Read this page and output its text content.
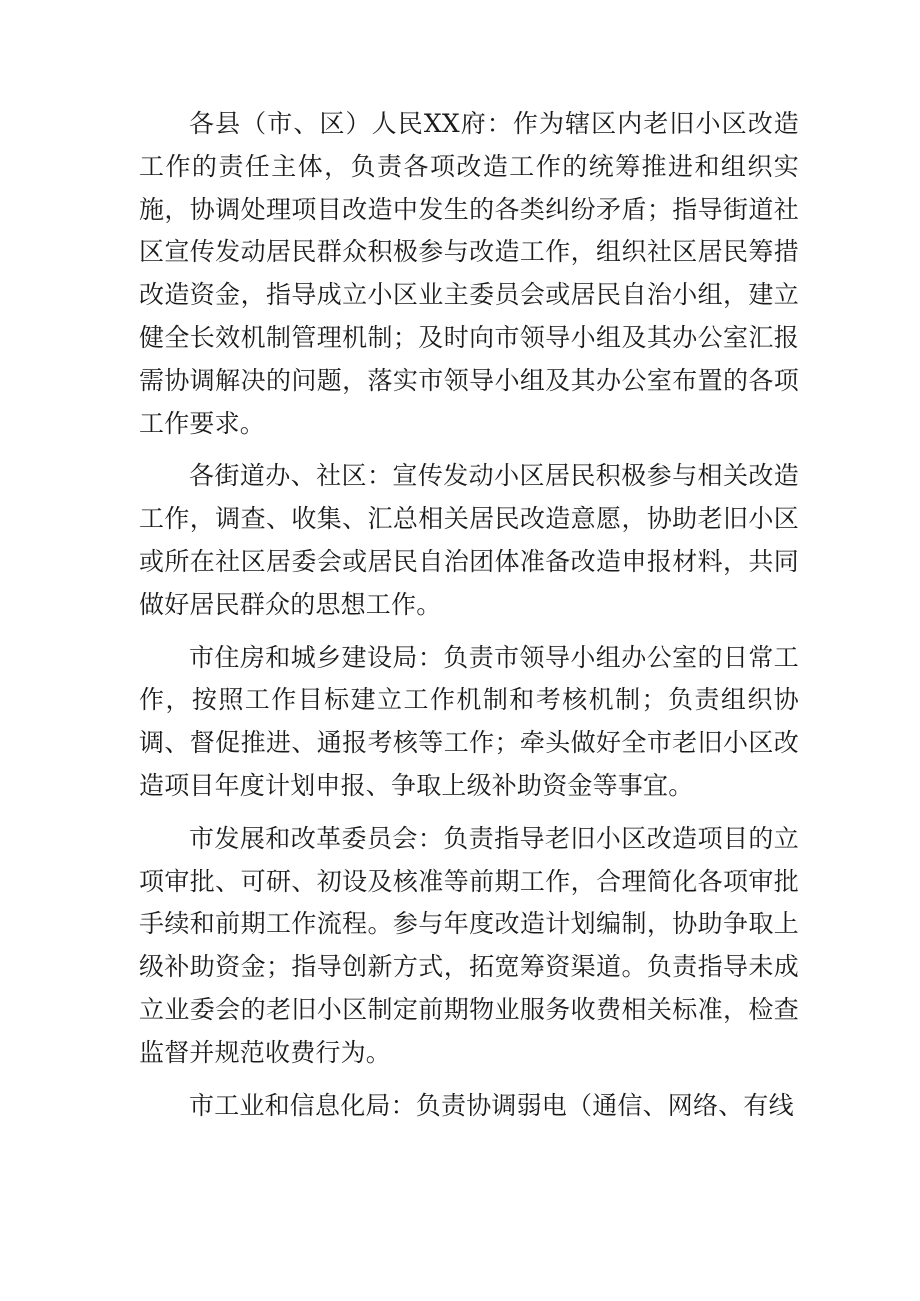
各县（市、区）人民XX府：作为辖区内老旧小区改造工作的责任主体，负责各项改造工作的统筹推进和组织实施，协调处理项目改造中发生的各类纠纷矛盾；指导街道社区宣传发动居民群众积极参与改造工作，组织社区居民筹措改造资金，指导成立小区业主委员会或居民自治小组，建立健全长效机制管理机制；及时向市领导小组及其办公室汇报需协调解决的问题，落实市领导小组及其办公室布置的各项工作要求。

各街道办、社区：宣传发动小区居民积极参与相关改造工作，调查、收集、汇总相关居民改造意愿，协助老旧小区或所在社区居委会或居民自治团体准备改造申报材料，共同做好居民群众的思想工作。

市住房和城乡建设局：负责市领导小组办公室的日常工作，按照工作目标建立工作机制和考核机制；负责组织协调、督促推进、通报考核等工作；牵头做好全市老旧小区改造项目年度计划申报、争取上级补助资金等事宜。

市发展和改革委员会：负责指导老旧小区改造项目的立项审批、可研、初设及核准等前期工作，合理简化各项审批手续和前期工作流程。参与年度改造计划编制，协助争取上级补助资金；指导创新方式，拓宽筹资渠道。负责指导未成立业委会的老旧小区制定前期物业服务收费相关标准，检查监督并规范收费行为。

市工业和信息化局：负责协调弱电（通信、网络、有线
